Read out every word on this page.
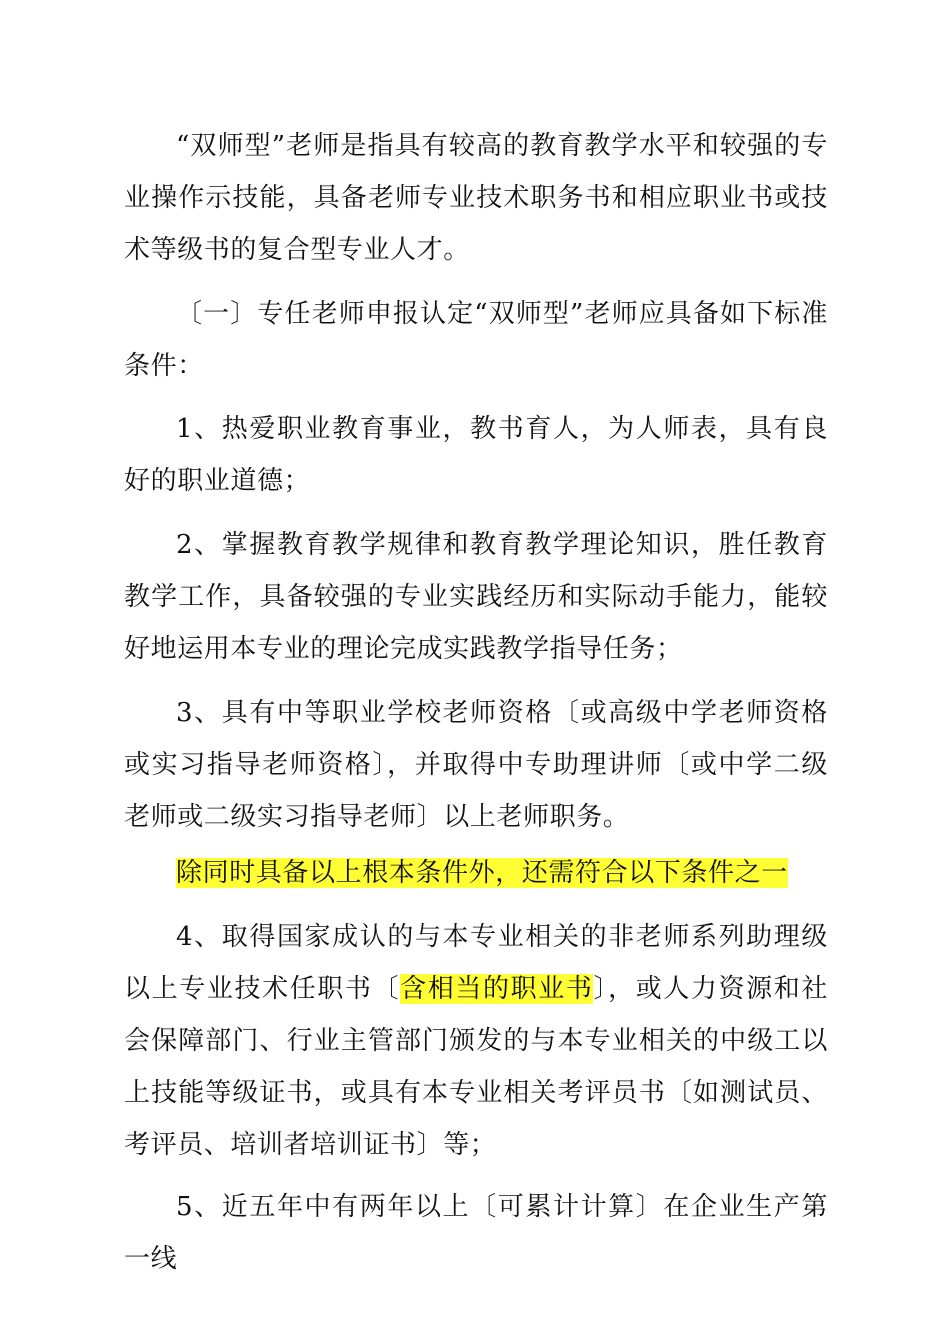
“双师型”老师是指具有较高的教育教学水平和较强的专业操作示技能，具备老师专业技术职务书和相应职业书或技术等级书的复合型专业人才。

〔一〕专任老师申报认定“双师型”老师应具备如下标准条件：

1、热爱职业教育事业，教书育人，为人师表，具有良好的职业道德；

2、掌握教育教学规律和教育教学理论知识，胜任教育教学工作，具备较强的专业实践经历和实际动手能力，能较好地运用本专业的理论完成实践教学指导任务；

3、具有中等职业学校老师资格〔或高级中学老师资格或实习指导老师资格〕，并取得中专助理讲师〔或中学二级老师或二级实习指导老师〕以上老师职务。

除同时具备以上根本条件外，还需符合以下条件之一

4、取得国家成认的与本专业相关的非老师系列助理级以上专业技术任职书〔含相当的职业书〕，或人力资源和社会保障部门、行业主管部门颁发的与本专业相关的中级工以上技能等级证书，或具有本专业相关考评员书〔如测试员、考评员、培训者培训证书〕等；

5、近五年中有两年以上〔可累计计算〕在企业生产第一线
